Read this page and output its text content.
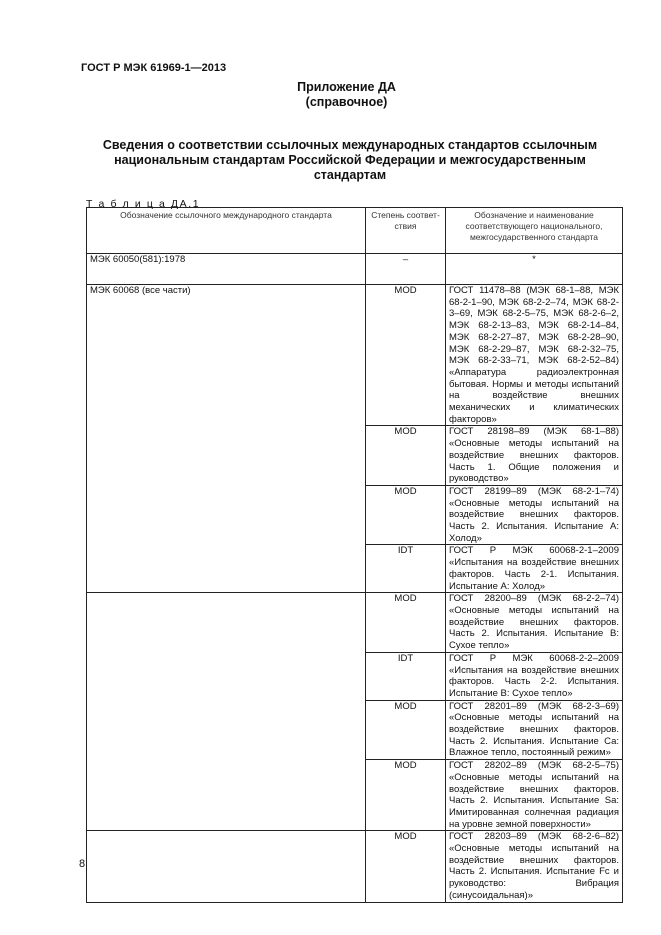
ГОСТ Р МЭК 61969-1—2013
Приложение ДА
(справочное)
Сведения о соответствии ссылочных международных стандартов ссылочным
национальным стандартам Российской Федерации и межгосударственным
стандартам
Т а б л и ц а ДА.1
Обозначение ссылочного международного стандарта	Степень соответ-ствия	Обозначение и наименование соответствующего национального, межгосударственного стандарта
МЭК 60050(581):1978	–	*
МЭК 60068 (все части)	MOD	ГОСТ 11478–88 (МЭК 68-1–88, МЭК 68-2-1–90, МЭК 68-2-2–74, МЭК 68-2-3–69, МЭК 68-2-5–75, МЭК 68-2-6–2, МЭК 68-2-13–83, МЭК 68-2-14–84, МЭК 68-2-27–87, МЭК 68-2-28–90, МЭК 68-2-29–87, МЭК 68-2-32–75, МЭК 68-2-33–71, МЭК 68-2-52–84) «Аппаратура радиоэлектронная бытовая. Нормы и методы испытаний на воздействие внешних механических и климатических факторов»
	MOD	ГОСТ 28198–89 (МЭК 68-1–88) «Основные методы испытаний на воздействие внешних факторов. Часть 1. Общие положения и руководство»
	MOD	ГОСТ 28199–89 (МЭК 68-2-1–74) «Основные методы испытаний на воздействие внешних факторов. Часть 2. Испытания. Испытание А: Холод»
	IDT	ГОСТ Р МЭК 60068-2-1–2009 «Испытания на воздействие внешних факторов. Часть 2-1. Испытания. Испытание А: Холод»
	MOD	ГОСТ 28200–89 (МЭК 68-2-2–74) «Основные методы испытаний на воздействие внешних факторов. Часть 2. Испытания. Испытание В: Сухое тепло»
	IDT	ГОСТ Р МЭК 60068-2-2–2009 «Испытания на воздействие внешних факторов. Часть 2-2. Испытания. Испытание В: Сухое тепло»
	MOD	ГОСТ 28201–89 (МЭК 68-2-3–69) «Основные методы испытаний на воздействие внешних факторов. Часть 2. Испытания. Испытание Са: Влажное тепло, постоянный режим»
	MOD	ГОСТ 28202–89 (МЭК 68-2-5–75) «Основные методы испытаний на воздействие внешних факторов. Часть 2. Испытания. Испытание Sa: Имитированная солнечная радиация на уровне земной поверхности»
	MOD	ГОСТ 28203–89 (МЭК 68-2-6–82) «Основные методы испытаний на воздействие внешних факторов. Часть 2. Испытания. Испытание Fc и руководство: Вибрация (синусоидальная)»
8
